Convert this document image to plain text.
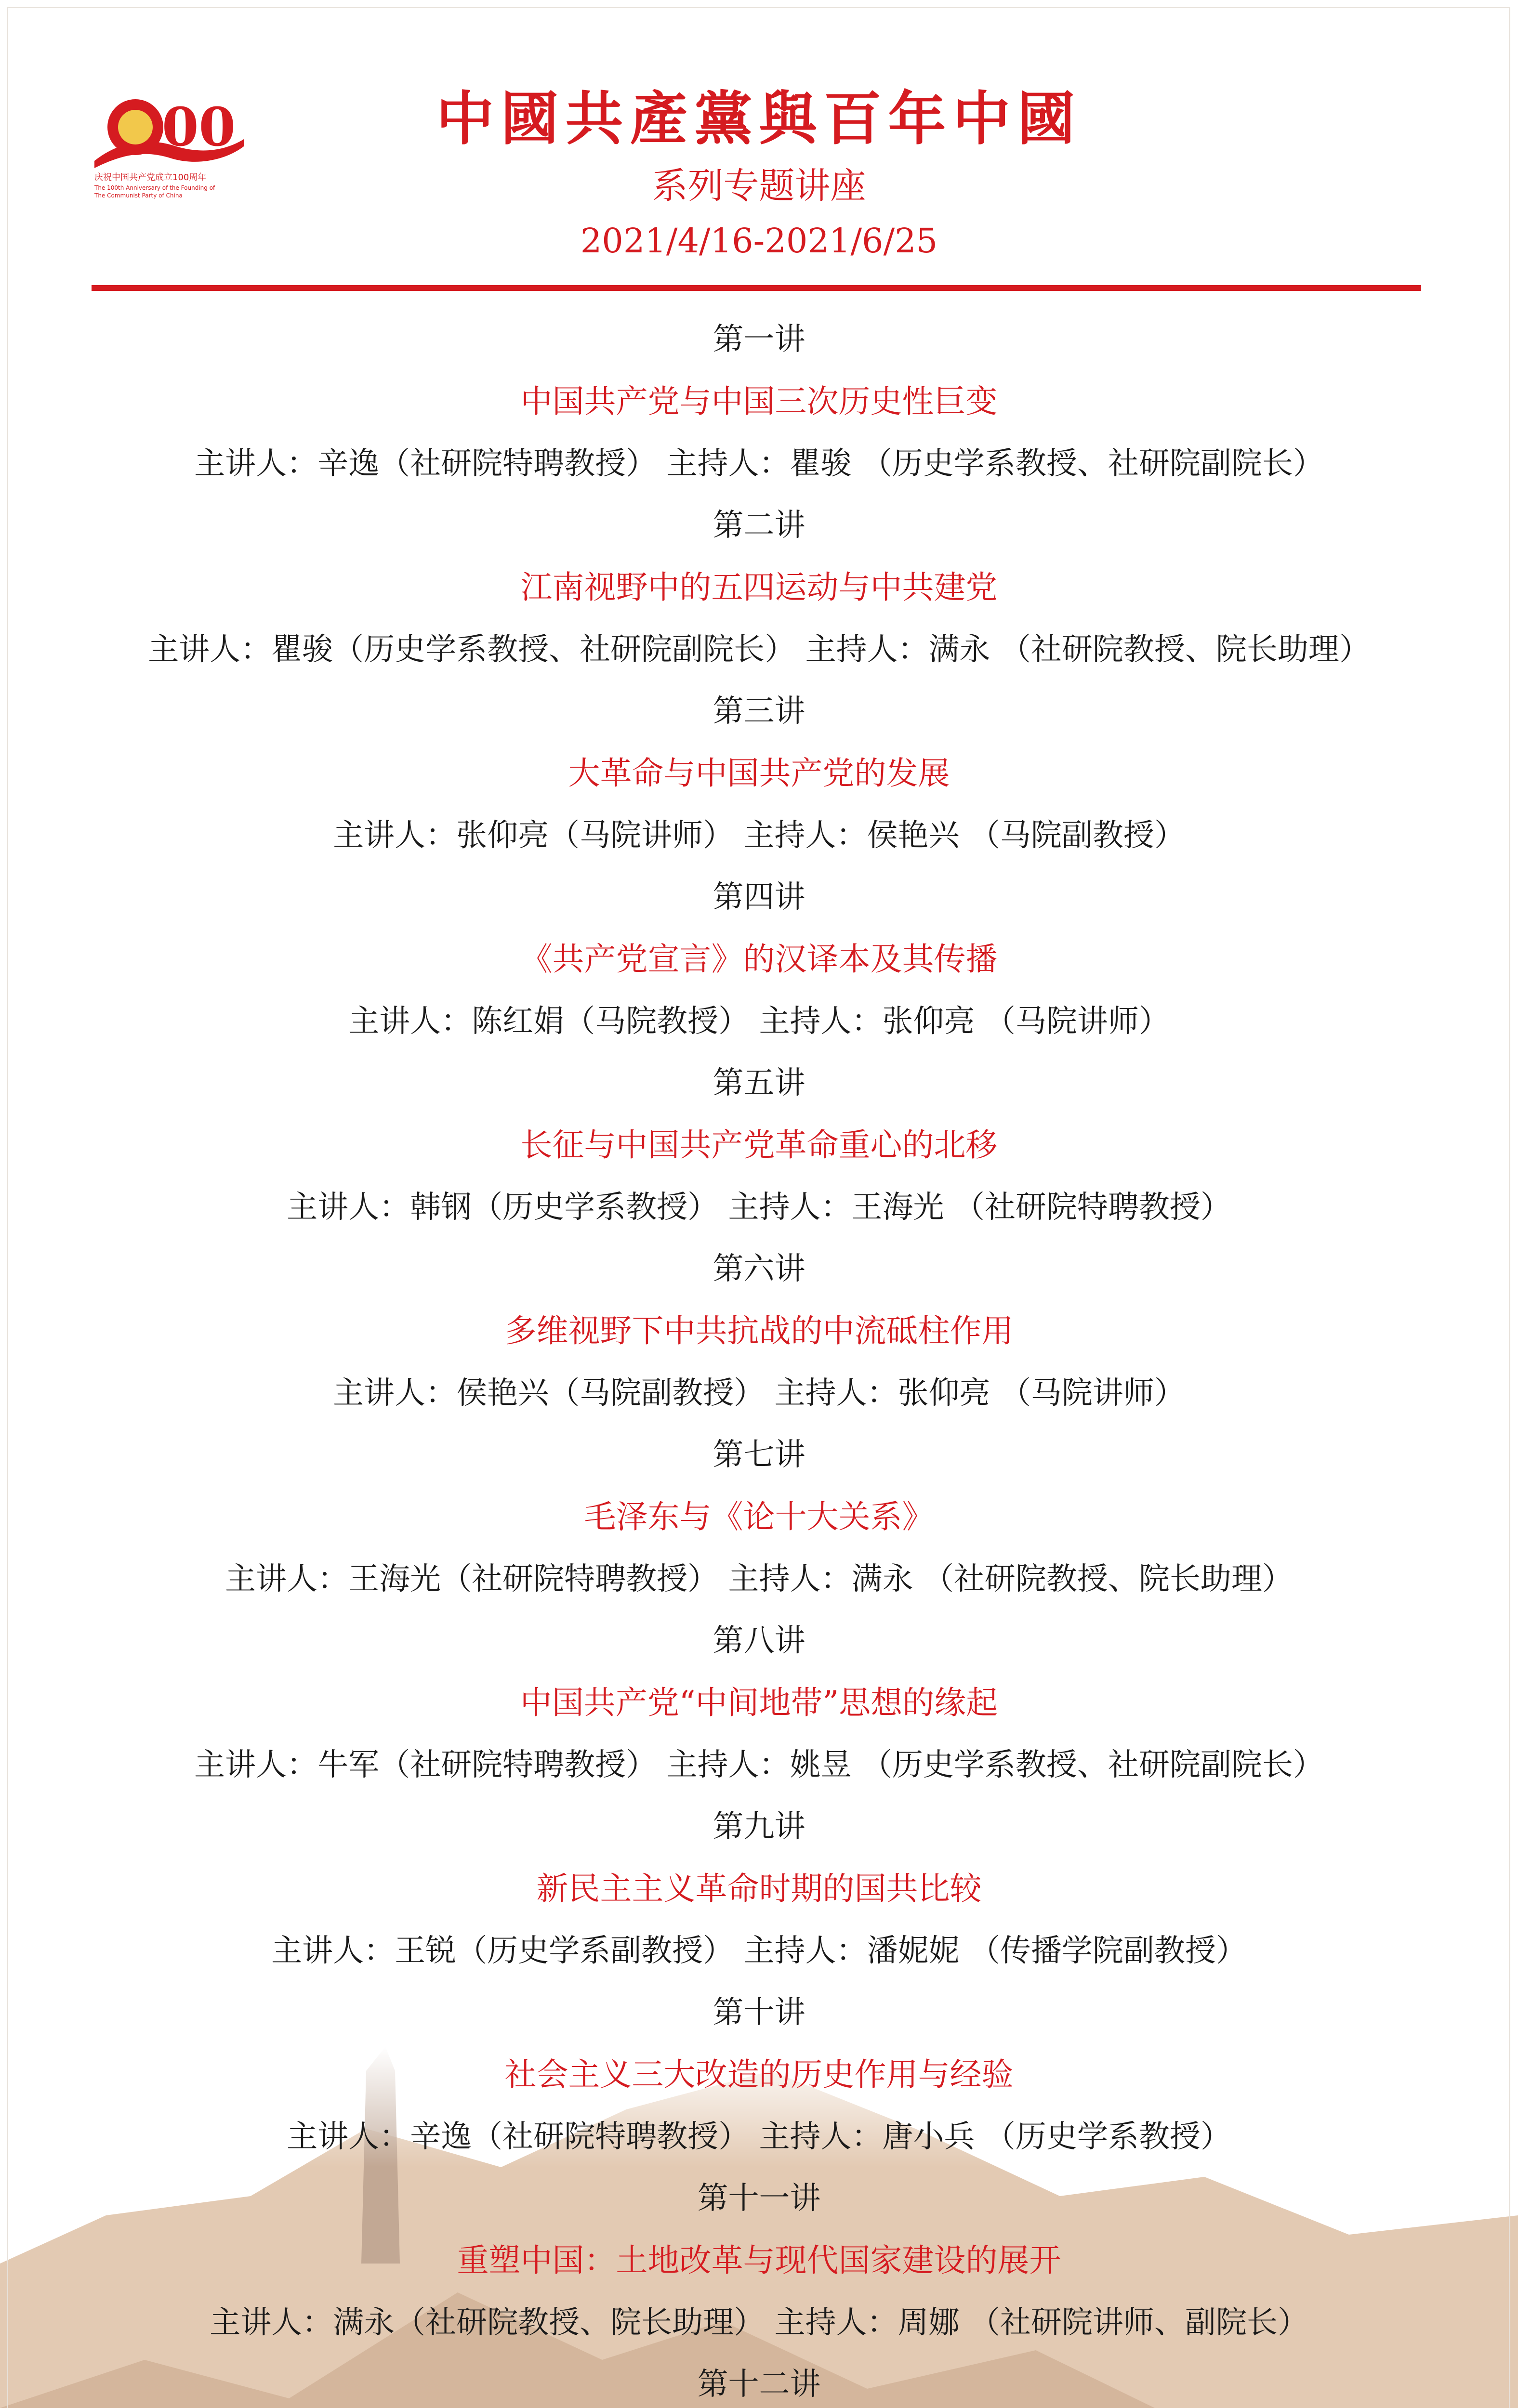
00
庆祝中国共产党成立100周年
The 100th Anniversary of the Founding of
The Communist Party of China
中國共產黨與百年中國
系列专题讲座
2021/4/16-2021/6/25
第一讲
中国共产党与中国三次历史性巨变
主讲人：辛逸（社研院特聘教授） 主持人：瞿骏 （历史学系教授、社研院副院长）
第二讲
江南视野中的五四运动与中共建党
主讲人：瞿骏（历史学系教授、社研院副院长） 主持人：满永 （社研院教授、院长助理）
第三讲
大革命与中国共产党的发展
主讲人：张仰亮（马院讲师） 主持人：侯艳兴 （马院副教授）
第四讲
《共产党宣言》的汉译本及其传播
主讲人：陈红娟（马院教授） 主持人：张仰亮 （马院讲师）
第五讲
长征与中国共产党革命重心的北移
主讲人：韩钢（历史学系教授） 主持人：王海光 （社研院特聘教授）
第六讲
多维视野下中共抗战的中流砥柱作用
主讲人：侯艳兴（马院副教授） 主持人：张仰亮 （马院讲师）
第七讲
毛泽东与《论十大关系》
主讲人：王海光（社研院特聘教授） 主持人：满永 （社研院教授、院长助理）
第八讲
中国共产党“中间地带”思想的缘起
主讲人：牛军（社研院特聘教授） 主持人：姚昱 （历史学系教授、社研院副院长）
第九讲
新民主主义革命时期的国共比较
主讲人：王锐（历史学系副教授） 主持人：潘妮妮 （传播学院副教授）
第十讲
社会主义三大改造的历史作用与经验
主讲人：辛逸（社研院特聘教授） 主持人：唐小兵 （历史学系教授）
第十一讲
重塑中国：土地改革与现代国家建设的展开
主讲人：满永（社研院教授、院长助理） 主持人：周娜 （社研院讲师、副院长）
第十二讲
